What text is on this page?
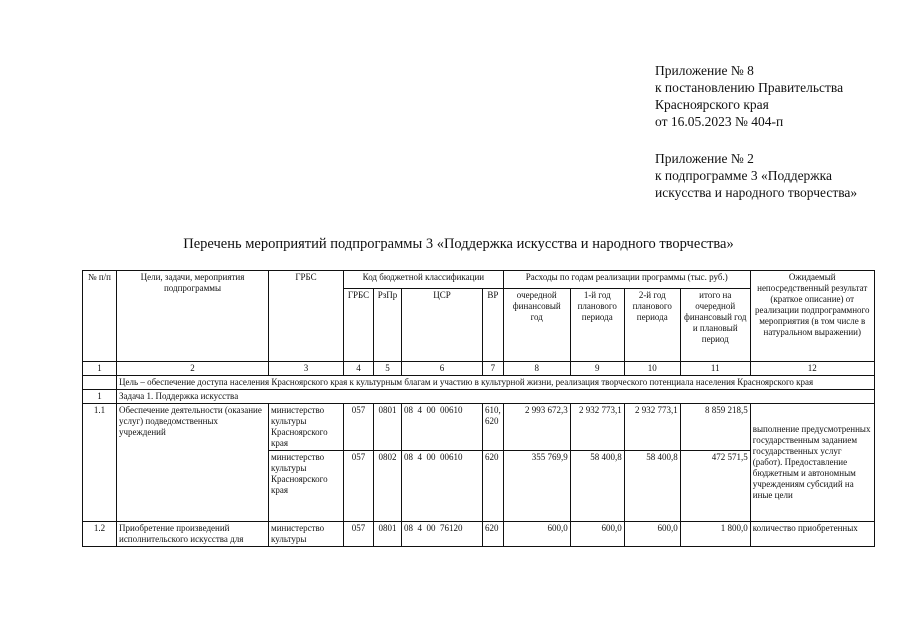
Приложение № 8
к постановлению Правительства
Красноярского края
от 16.05.2023 № 404-п
Приложение № 2
к подпрограмме 3 «Поддержка
искусства и народного творчества»
Перечень мероприятий подпрограммы 3 «Поддержка искусства и народного творчества»
№ п/п	Цели, задачи, мероприятия подпрограммы	ГРБС	Код бюджетной классификации				Расходы по годам реализации программы (тыс. руб.)				Ожидаемый непосредственный результат (краткое описание) от реализации подпрограммного мероприятия (в том числе в натуральном выражении)
			ГРБС	РзПр	ЦСР	ВР	очередной финансовый год	1-й год планового периода	2-й год планового периода	итого на очередной финансовый год и плановый период	
1	2	3	4	5	6	7	8	9	10	11	12
	Цель – обеспечение доступа населения Красноярского края к культурным благам и участию в культурной жизни, реализация творческого потенциала населения Красноярского края										
1	Задача 1. Поддержка искусства										
1.1	Обеспечение деятельности (оказание услуг) подведомственных учреждений	министерство культуры Красноярского края	057	0801	08  4  00  00610	610, 620	2 993 672,3	2 932 773,1	2 932 773,1	8 859 218,5	выполнение предусмотренных государственным заданием государственных услуг (работ). Предоставление бюджетным и автономным учреждениям субсидий на иные цели
		министерство культуры Красноярского края	057	0802	08  4  00  00610	620	355 769,9	58 400,8	58 400,8	472 571,5	
1.2	Приобретение произведений исполнительского искусства для	министерство культуры	057	0801	08  4  00  76120	620	600,0	600,0	600,0	1 800,0	количество приобретенных
